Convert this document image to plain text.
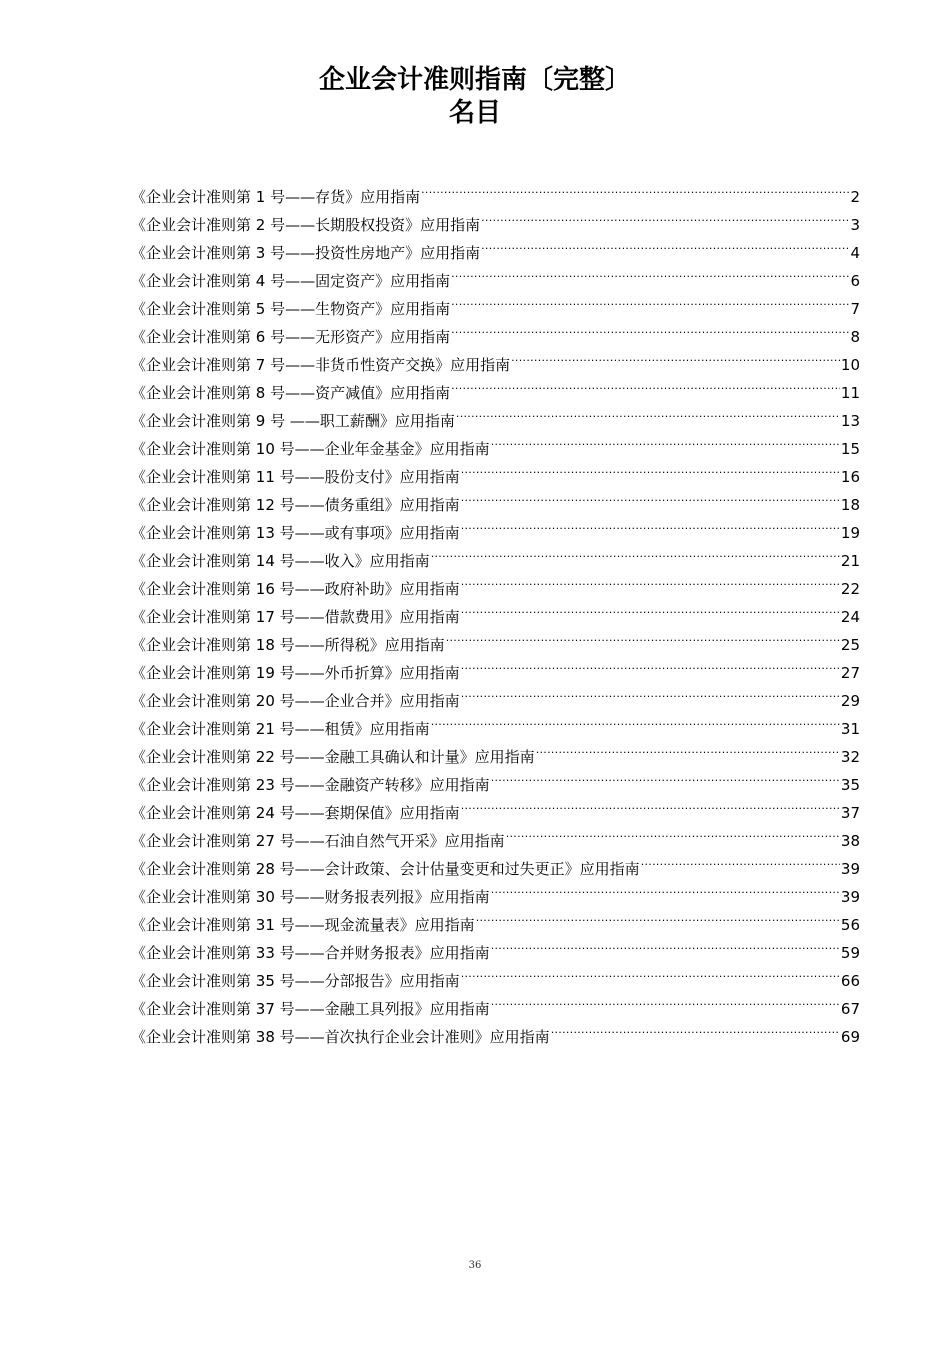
企业会计准则指南〔完整〕
名目
《企业会计准则第 1 号——存货》应用指南 .....	2
《企业会计准则第 2 号——长期股权投资》应用指南 .....	3
《企业会计准则第 3 号——投资性房地产》应用指南 .....	4
《企业会计准则第 4 号——固定资产》应用指南 .....	6
《企业会计准则第 5 号——生物资产》应用指南 .....	7
《企业会计准则第 6 号——无形资产》应用指南 .....	8
《企业会计准则第 7 号——非货币性资产交换》应用指南 .....	10
《企业会计准则第 8 号——资产减值》应用指南 .....	11
《企业会计准则第 9 号 ——职工薪酬》应用指南 .....	13
《企业会计准则第 10 号——企业年金基金》应用指南 .....	15
《企业会计准则第 11 号——股份支付》应用指南 .....	16
《企业会计准则第 12 号——债务重组》应用指南 .....	18
《企业会计准则第 13 号——或有事项》应用指南 .....	19
《企业会计准则第 14 号——收入》应用指南 .....	21
《企业会计准则第 16 号——政府补助》应用指南 .....	22
《企业会计准则第 17 号——借款费用》应用指南 .....	24
《企业会计准则第 18 号——所得税》应用指南 .....	25
《企业会计准则第 19 号——外币折算》应用指南 .....	27
《企业会计准则第 20 号——企业合并》应用指南 .....	29
《企业会计准则第 21 号——租赁》应用指南 .....	31
《企业会计准则第 22 号——金融工具确认和计量》应用指南 .....	32
《企业会计准则第 23 号——金融资产转移》应用指南 .....	35
《企业会计准则第 24 号——套期保值》应用指南 .....	37
《企业会计准则第 27 号——石油自然气开采》应用指南 .....	38
《企业会计准则第 28 号——会计政策、会计估量变更和过失更正》应用指南 .....	39
《企业会计准则第 30 号——财务报表列报》应用指南 .....	39
《企业会计准则第 31 号——现金流量表》应用指南 .....	56
《企业会计准则第 33 号——合并财务报表》应用指南 .....	59
《企业会计准则第 35 号——分部报告》应用指南 .....	66
《企业会计准则第 37 号——金融工具列报》应用指南 .....	67
《企业会计准则第 38 号——首次执行企业会计准则》应用指南 .....	69
36
